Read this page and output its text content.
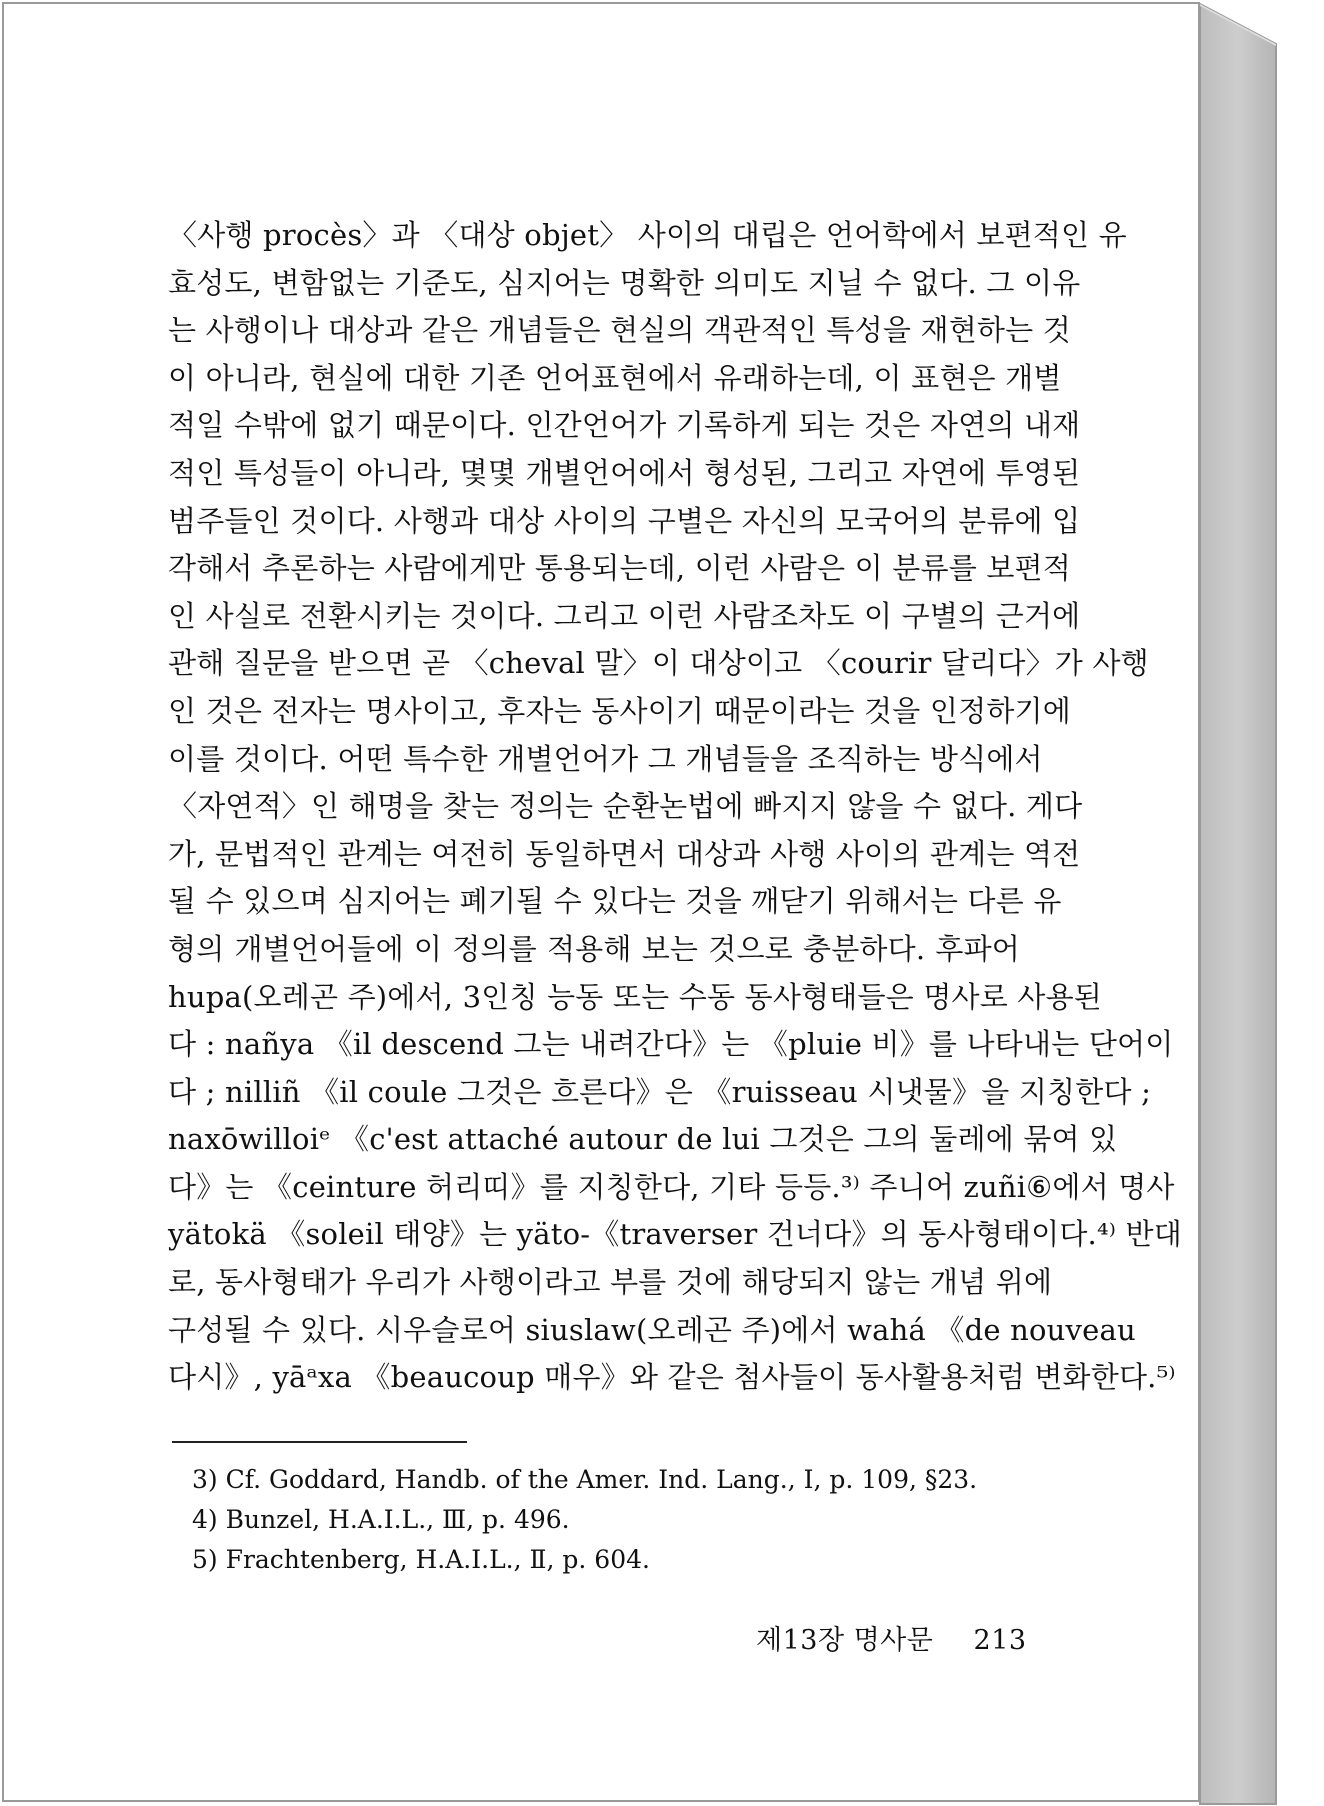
〈사행 procès〉과 〈대상 objet〉 사이의 대립은 언어학에서 보편적인 유
효성도, 변함없는 기준도, 심지어는 명확한 의미도 지닐 수 없다. 그 이유
는 사행이나 대상과 같은 개념들은 현실의 객관적인 특성을 재현하는 것
이 아니라, 현실에 대한 기존 언어표현에서 유래하는데, 이 표현은 개별
적일 수밖에 없기 때문이다. 인간언어가 기록하게 되는 것은 자연의 내재
적인 특성들이 아니라, 몇몇 개별언어에서 형성된, 그리고 자연에 투영된
범주들인 것이다. 사행과 대상 사이의 구별은 자신의 모국어의 분류에 입
각해서 추론하는 사람에게만 통용되는데, 이런 사람은 이 분류를 보편적
인 사실로 전환시키는 것이다. 그리고 이런 사람조차도 이 구별의 근거에
관해 질문을 받으면 곧 〈cheval 말〉이 대상이고 〈courir 달리다〉가 사행
인 것은 전자는 명사이고, 후자는 동사이기 때문이라는 것을 인정하기에
이를 것이다. 어떤 특수한 개별언어가 그 개념들을 조직하는 방식에서
〈자연적〉인 해명을 찾는 정의는 순환논법에 빠지지 않을 수 없다. 게다
가, 문법적인 관계는 여전히 동일하면서 대상과 사행 사이의 관계는 역전
될 수 있으며 심지어는 폐기될 수 있다는 것을 깨닫기 위해서는 다른 유
형의 개별언어들에 이 정의를 적용해 보는 것으로 충분하다. 후파어
hupa(오레곤 주)에서, 3인칭 능동 또는 수동 동사형태들은 명사로 사용된
다 : nañya 《il descend 그는 내려간다》는 《pluie 비》를 나타내는 단어이
다 ; nilliñ 《il coule 그것은 흐른다》은 《ruisseau 시냇물》을 지칭한다 ;
naxōwilloiᵉ 《c'est attaché autour de lui 그것은 그의 둘레에 묶여 있
다》는 《ceinture 허리띠》를 지칭한다, 기타 등등.³⁾ 주니어 zuñi⑥에서 명사
yätokä 《soleil 태양》는 yäto-《traverser 건너다》의 동사형태이다.⁴⁾ 반대
로, 동사형태가 우리가 사행이라고 부를 것에 해당되지 않는 개념 위에
구성될 수 있다. 시우슬로어 siuslaw(오레곤 주)에서 wahá 《de nouveau
다시》, yāᵃxa 《beaucoup 매우》와 같은 첨사들이 동사활용처럼 변화한다.⁵⁾
3) Cf. Goddard, Handb. of the Amer. Ind. Lang., Ⅰ, p. 109, §23.
4) Bunzel, H.A.I.L., Ⅲ, p. 496.
5) Frachtenberg, H.A.I.L., Ⅱ, p. 604.
제13장 명사문 213
